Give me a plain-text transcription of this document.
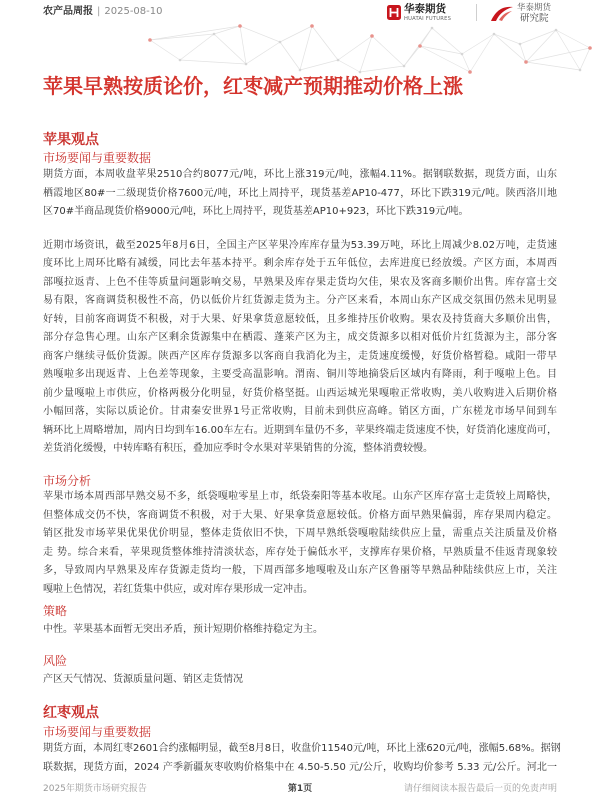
农产品周报 | 2025-08-10	华泰期货
HUATAI FUTURES
华泰期货
研究院
苹果早熟按质论价，红枣减产预期推动价格上涨
苹果观点
市场要闻与重要数据
期货方面，本周收盘苹果2510合约8077元/吨，环比上涨319元/吨，涨幅4.11%。据钢联数据，现货方面，山东
栖霞地区80#一二级现货价格7600元/吨，环比上周持平，现货基差AP10-477，环比下跌319元/吨。陕西洛川地
区70#半商品现货价格9000元/吨，环比上周持平，现货基差AP10+923，环比下跌319元/吨。
近期市场资讯，截至2025年8月6日，全国主产区苹果冷库库存量为53.39万吨，环比上周减少8.02万吨，走货速
度环比上周环比略有减缓，同比去年基本持平。剩余库存处于五年低位，去库进度已经放缓。产区方面，本周西
部嘎拉返青、上色不佳等质量问题影响交易，早熟果及库存果走货均欠佳，果农及客商多顺价出售。库存富士交
易有限，客商调货积极性不高，仍以低价片红货源走货为主。分产区来看，本周山东产区成交氛围仍然未见明显
好转，目前客商调货不积极，对于大果、好果拿货意愿较低，且多维持压价收购。果农及持货商大多顺价出售，
部分存急售心理。山东产区剩余货源集中在栖霞、蓬莱产区为主，成交货源多以相对低价片红货源为主，部分客
商客户继续寻低价货源。陕西产区库存货源多以客商自我消化为主，走货速度缓慢，好货价格暂稳。咸阳一带早
熟嘎啦多出现返青、上色差等现象，主要受高温影响。渭南、铜川等地摘袋后区域内有降雨，利于嘎啦上色。目
前少量嘎啦上市供应，价格两极分化明显，好货价格坚挺。山西运城光果嘎啦正常收购，美八收购进入后期价格
小幅回落，实际以质论价。甘肃秦安世界1号正常收购，目前未到供应高峰。销区方面，广东槎龙市场早间到车
辆环比上周略增加，周内日均到车16.00车左右。近期到车量仍不多，苹果终端走货速度不快，好货消化速度尚可，
差货消化缓慢，中转库略有积压，叠加应季时令水果对苹果销售的分流，整体消费较慢。
市场分析
苹果市场本周西部早熟交易不多，纸袋嘎啦零星上市，纸袋秦阳等基本收尾。山东产区库存富士走货较上周略快，
但整体成交仍不快，客商调货不积极，对于大果、好果拿货意愿较低。价格方面早熟果偏弱，库存果周内稳定。
销区批发市场苹果优果优价明显，整体走货依旧不快，下周早熟纸袋嘎啦陆续供应上量，需重点关注质量及价格
走 势。综合来看，苹果现货整体维持清淡状态，库存处于偏低水平，支撑库存果价格，早熟质量不佳返青现象较
多，导致周内早熟果及库存货源走货均一般，下周西部多地嘎啦及山东产区鲁丽等早熟品种陆续供应上市，关注
嘎啦上色情况，若红货集中供应，或对库存果形成一定冲击。
策略
中性。苹果基本面暂无突出矛盾，预计短期价格维持稳定为主。
风险
产区天气情况、货源质量问题、销区走货情况
红枣观点
市场要闻与重要数据
期货方面，本周红枣2601合约涨幅明显，截至8月8日，收盘价11540元/吨，环比上涨620元/吨，涨幅5.68%。据钢
联数据，现货方面，2024 产季新疆灰枣收购价格集中在 4.50-5.50 元/公斤，收购均价参考 5.33 元/公斤。河北一
2025年期货市场研究报告	第1页	请仔细阅读本报告最后一页的免责声明
